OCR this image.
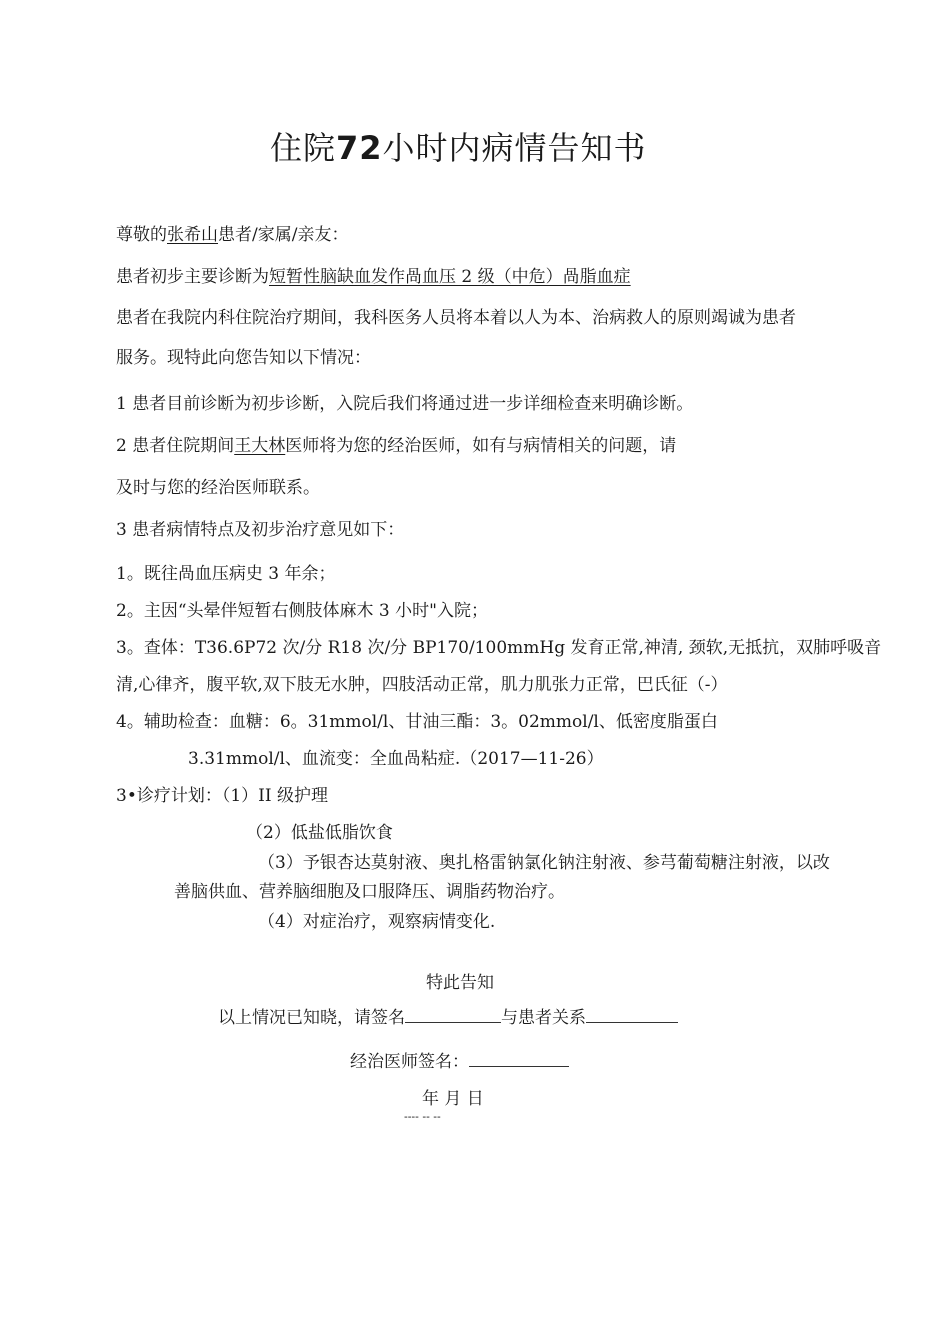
住院72小时内病情告知书
尊敬的张希山患者/家属/亲友：
患者初步主要诊断为短暂性脑缺血发作咼血压 2 级（中危）咼脂血症
患者在我院内科住院治疗期间，我科医务人员将本着以人为本、治病救人的原则竭诚为患者
服务。现特此向您告知以下情况：
1 患者目前诊断为初步诊断，入院后我们将通过进一步详细检查来明确诊断。
2 患者住院期间王大林医师将为您的经治医师，如有与病情相关的问题，请
及时与您的经治医师联系。
3 患者病情特点及初步治疗意见如下：
1。既往咼血压病史 3 年余；
2。主因“头晕伴短暂右侧肢体麻木 3 小时"入院；
3。查体：T36.6P72 次/分 R18 次/分 BP170/100mmHg 发育正常,神清, 颈软,无抵抗，双肺呼吸音
清,心律齐，腹平软,双下肢无水肿，四肢活动正常，肌力肌张力正常，巴氏征（-）
4。辅助检查：血糖：6。31mmol/l、甘油三酯：3。02mmol/l、低密度脂蛋白
3.31mmol/l、血流变：全血咼粘症.（2017—11-26）
3•诊疗计划：（1）II 级护理
（2）低盐低脂饮食
（3）予银杏达莫射液、奥扎格雷钠氯化钠注射液、参芎葡萄糖注射液，以改
善脑供血、营养脑细胞及口服降压、调脂药物治疗。
（4）对症治疗，观察病情变化.
特此告知
以上情况已知晓，请签名	与患者关系
经治医师签名：
年 月 日
---- -- --
